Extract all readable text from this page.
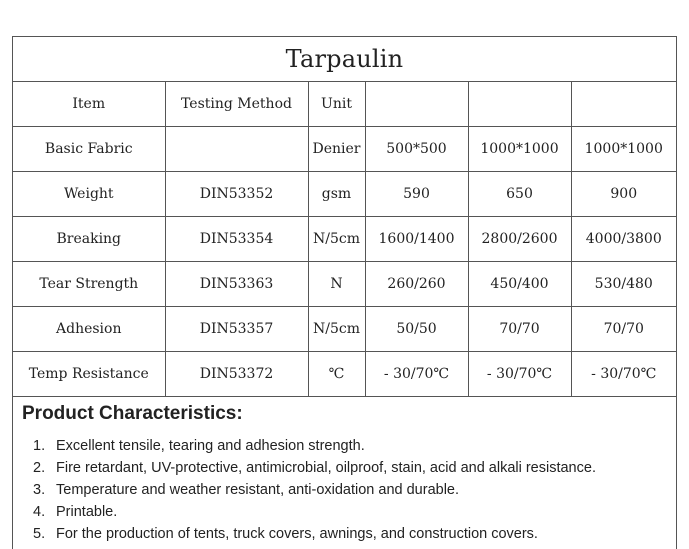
Tarpaulin
Item	Testing Method	Unit			
Basic Fabric		Denier	500*500	1000*1000	1000*1000
Weight	DIN53352	gsm	590	650	900
Breaking	DIN53354	N/5cm	1600/1400	2800/2600	4000/3800
Tear Strength	DIN53363	N	260/260	450/400	530/480
Adhesion	DIN53357	N/5cm	50/50	70/70	70/70
Temp Resistance	DIN53372	℃	- 30/70℃	- 30/70℃	- 30/70℃
Product Characteristics:
1. Excellent tensile, tearing and adhesion strength.
2. Fire retardant, UV-protective, antimicrobial, oilproof, stain, acid and alkali resistance.
3. Temperature and weather resistant, anti-oxidation and durable.
4. Printable.
5. For the production of tents, truck covers, awnings, and construction covers.
